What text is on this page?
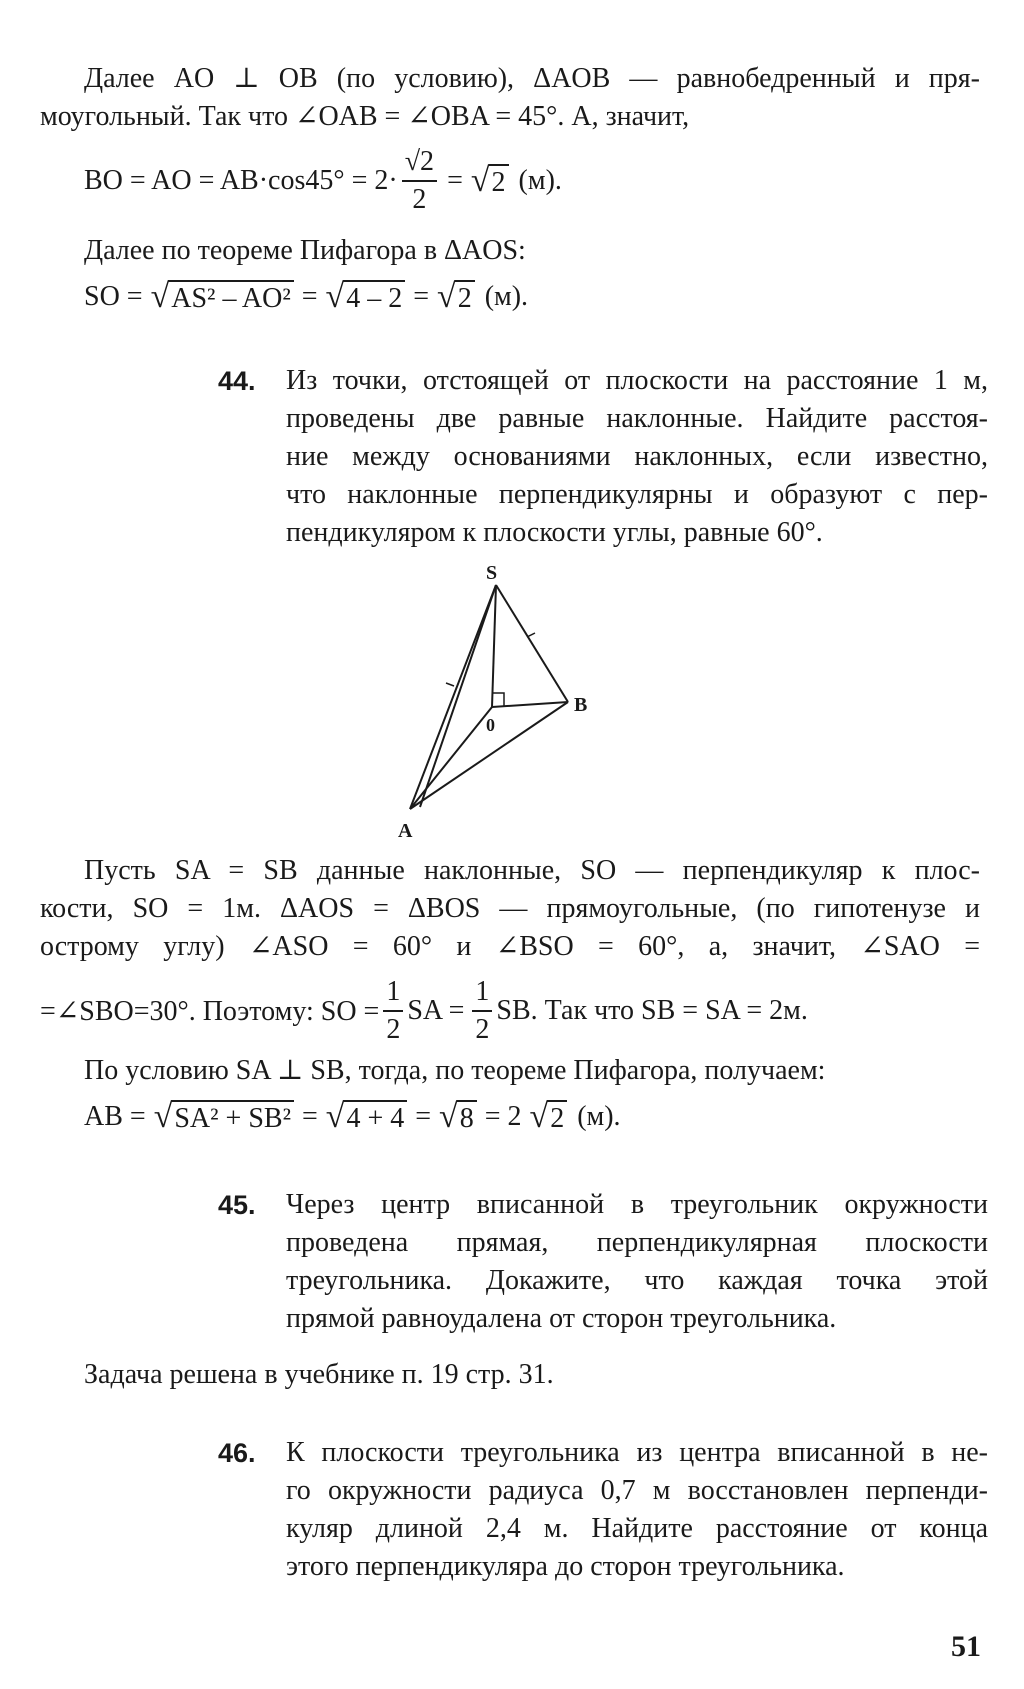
Далее AO ⊥ OB (по условию), ΔAOB — равнобедренный и пря-
моугольный. Так что ∠OAB = ∠OBA = 45°. А, значит,
BO = AO = $AB\cdot\cos 45^\circ = 2\cdot \frac{√2}{2}$ = √ 2 (м).
Далее по теореме Пифагора в ΔAOS:
SO = √ AS² – AO² = √ 4 – 2 = √ 2 (м).
44. Из точки, отстоящей от плоскости на расстояние 1 м,
проведены две равные наклонные. Найдите расстоя-
ние между основаниями наклонных, если известно,
что наклонные перпендикулярны и образуют с пер-
пендикуляром к плоскости углы, равные 60°.
S
0
B
A
Пусть SA = SB данные наклонные, SO — перпендикуляр к плос-
кости, SO = 1м. ΔAOS = ΔBOS — прямоугольные, (по гипотенузе и
острому углу) ∠ASO = 60° и ∠BSO = 60°, а, значит, ∠SAO =
=∠SBO=30°. Поэтому: SO = $\frac{1}{2}$ SA = $\frac{1}{2}$ SB. Так что SB = SA = 2м.
По условию SA ⊥ SB, тогда, по теореме Пифагора, получаем:
AB = √ SA² + SB² = √ 4 + 4 = √ 8 = 2 √ 2 (м).
45. Через центр вписанной в треугольник окружности
проведена прямая, перпендикулярная плоскости
треугольника. Докажите, что каждая точка этой
прямой равноудалена от сторон треугольника.
Задача решена в учебнике п. 19 стр. 31.
46. К плоскости треугольника из центра вписанной в не-
го окружности радиуса 0,7 м восстановлен перпенди-
куляр длиной 2,4 м. Найдите расстояние от конца
этого перпендикуляра до сторон треугольника.
51
